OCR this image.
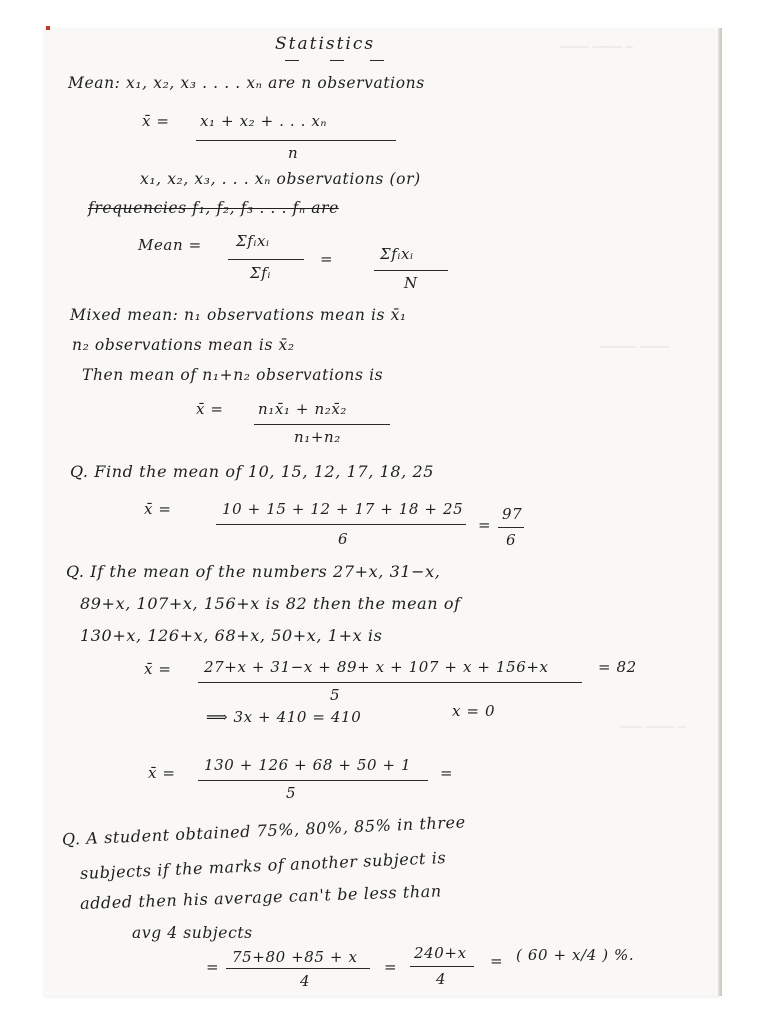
──── ──── ─
───── ────
─── ──── ─
Statistics
Mean: x₁, x₂, x₃ . . . . xₙ are n observations
x̄ = x₁ + x₂ + . . . xₙ
n
x₁, x₂, x₃, . . . xₙ observations (or)
frequencies f₁, f₂, f₃ . . . fₙ are
Mean = Σfᵢxᵢ
Σfᵢ
=	Σfᵢxᵢ
N
Mixed mean: n₁ observations mean is x̄₁
n₂ observations mean is x̄₂
Then mean of n₁+n₂ observations is
x̄ = n₁x̄₁ + n₂x̄₂
n₁+n₂
Q. Find the mean of 10, 15, 12, 17, 18, 25
x̄ =	10 + 15 + 12 + 17 + 18 + 25
6
=
97
6
Q. If the mean of the numbers 27+x, 31−x,
89+x, 107+x, 156+x is 82 then the mean of
130+x, 126+x, 68+x, 50+x, 1+x is
x̄ = 27+x + 31−x + 89+ x + 107 + x + 156+x
5
= 82
⟹ 3x + 410 = 410	x = 0
x̄ = 130 + 126 + 68 + 50 + 1
5
=
Q. A student obtained 75%, 80%, 85% in three
subjects if the marks of another subject is
added then his average can't be less than
avg 4 subjects
=
75+80 +85 + x
4
=
240+x
4
= ( 60 + x/4 ) %.
